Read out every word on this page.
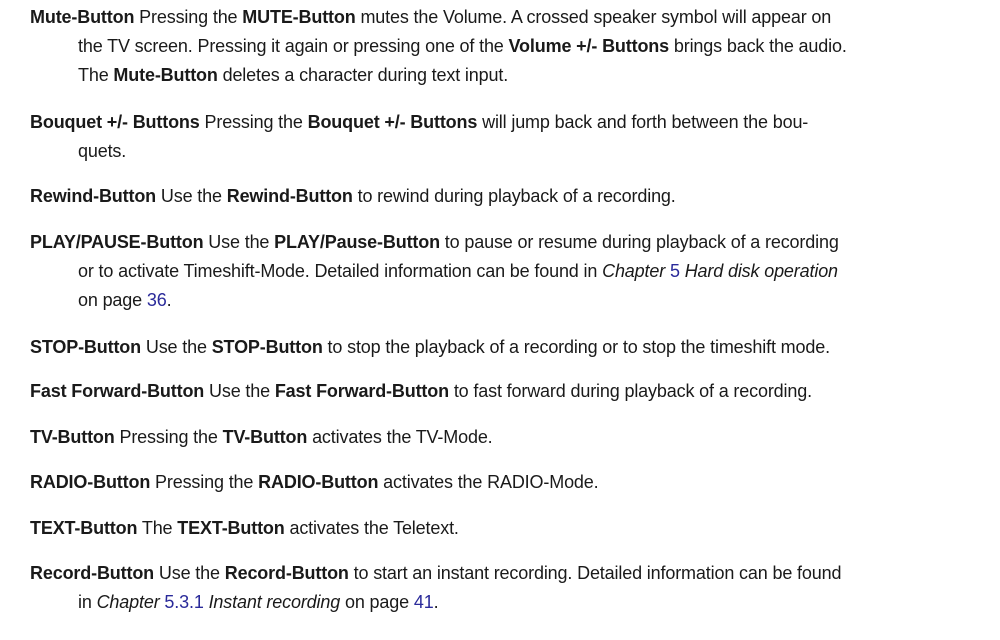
Mute-Button Pressing the MUTE-Button mutes the Volume. A crossed speaker symbol will appear on
the TV screen. Pressing it again or pressing one of the Volume +/- Buttons brings back the audio.
The Mute-Button deletes a character during text input.

Bouquet +/- Buttons Pressing the Bouquet +/- Buttons will jump back and forth between the bou-
quets.

Rewind-Button Use the Rewind-Button to rewind during playback of a recording.

PLAY/PAUSE-Button Use the PLAY/Pause-Button to pause or resume during playback of a recording
or to activate Timeshift-Mode. Detailed information can be found in Chapter 5 Hard disk operation
on page 36.

STOP-Button Use the STOP-Button to stop the playback of a recording or to stop the timeshift mode.

Fast Forward-Button Use the Fast Forward-Button to fast forward during playback of a recording.

TV-Button Pressing the TV-Button activates the TV-Mode.

RADIO-Button Pressing the RADIO-Button activates the RADIO-Mode.

TEXT-Button The TEXT-Button activates the Teletext.

Record-Button Use the Record-Button to start an instant recording. Detailed information can be found
in Chapter 5.3.1 Instant recording on page 41.
